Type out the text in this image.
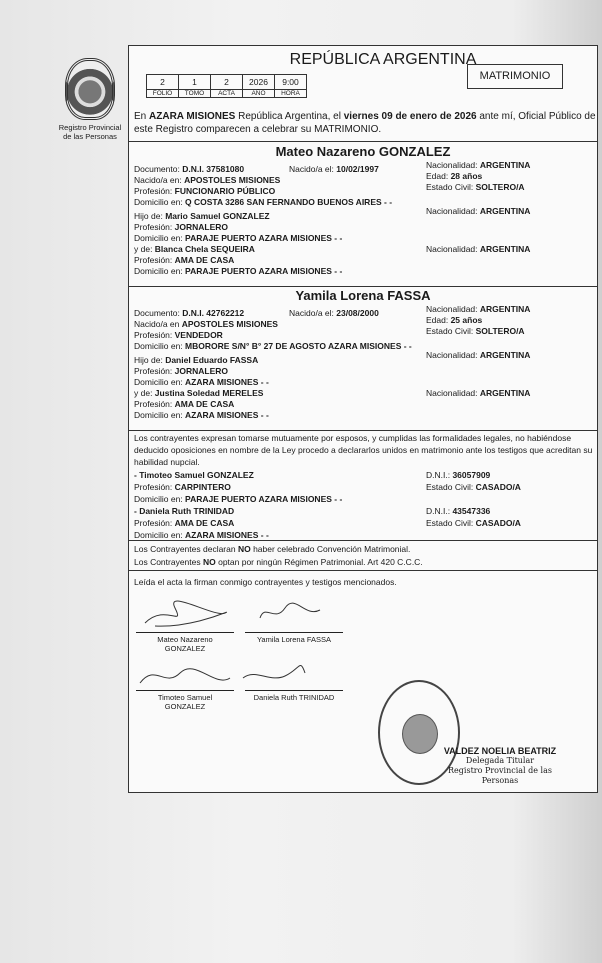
Registro Provincial
de las Personas
REPÚBLICA ARGENTINA
2	1	2	2026	9:00
FOLIO	TOMO	ACTA	AÑO	HORA
MATRIMONIO
En AZARA MISIONES República Argentina, el viernes 09 de enero de 2026 ante mí, Oficial Público de este Registro comparecen a celebrar su MATRIMONIO.
Mateo Nazareno GONZALEZ
Documento: D.N.I. 37581080	Nacido/a el: 10/02/1997
Nacido/a en: APOSTOLES MISIONES
Profesión: FUNCIONARIO PÚBLICO
Domicilio en: Q COSTA 3286 SAN FERNANDO BUENOS AIRES - -
Hijo de: Mario Samuel GONZALEZ
Profesión: JORNALERO
Domicilio en: PARAJE PUERTO AZARA MISIONES - -
y de: Blanca Chela SEQUEIRA
Profesión: AMA DE CASA
Domicilio en: PARAJE PUERTO AZARA MISIONES - -
Nacionalidad: ARGENTINA
Edad: 28 años
Estado Civil: SOLTERO/A
Nacionalidad: ARGENTINA
Nacionalidad: ARGENTINA
Yamila Lorena FASSA
Documento: D.N.I. 42762212	Nacido/a el: 23/08/2000
Nacido/a en APOSTOLES MISIONES
Profesión: VENDEDOR
Domicilio en: MBORORE S/N° B° 27 DE AGOSTO AZARA MISIONES - -
Hijo de: Daniel Eduardo FASSA
Profesión: JORNALERO
Domicilio en: AZARA MISIONES - -
y de: Justina Soledad MERELES
Profesión: AMA DE CASA
Domicilio en: AZARA MISIONES - -
Nacionalidad: ARGENTINA
Edad: 25 años
Estado Civil: SOLTERO/A
Nacionalidad: ARGENTINA
Nacionalidad: ARGENTINA
Los contrayentes expresan tomarse mutuamente por esposos, y cumplidas las formalidades legales, no habiéndose deducido oposiciones en nombre de la Ley procedo a declararlos unidos en matrimonio ante los testigos que acreditan su habilidad nupcial.
- Timoteo Samuel GONZALEZ
Profesión: CARPINTERO
Domicilio en: PARAJE PUERTO AZARA MISIONES - -
D.N.I.: 36057909
Estado Civil: CASADO/A
- Daniela Ruth TRINIDAD
Profesión: AMA DE CASA
Domicilio en: AZARA MISIONES - -
D.N.I.: 43547336
Estado Civil: CASADO/A
Los Contrayentes declaran NO haber celebrado Convención Matrimonial.
Los Contrayentes NO optan por ningún Régimen Patrimonial. Art 420 C.C.C.
Leída el acta la firman conmigo contrayentes y testigos mencionados.
Mateo Nazareno
GONZALEZ
Yamila Lorena FASSA
Timoteo Samuel
GONZALEZ
Daniela Ruth TRINIDAD
VALDEZ NOELIA BEATRIZ
Delegada Titular
Registro Provincial de las Personas
